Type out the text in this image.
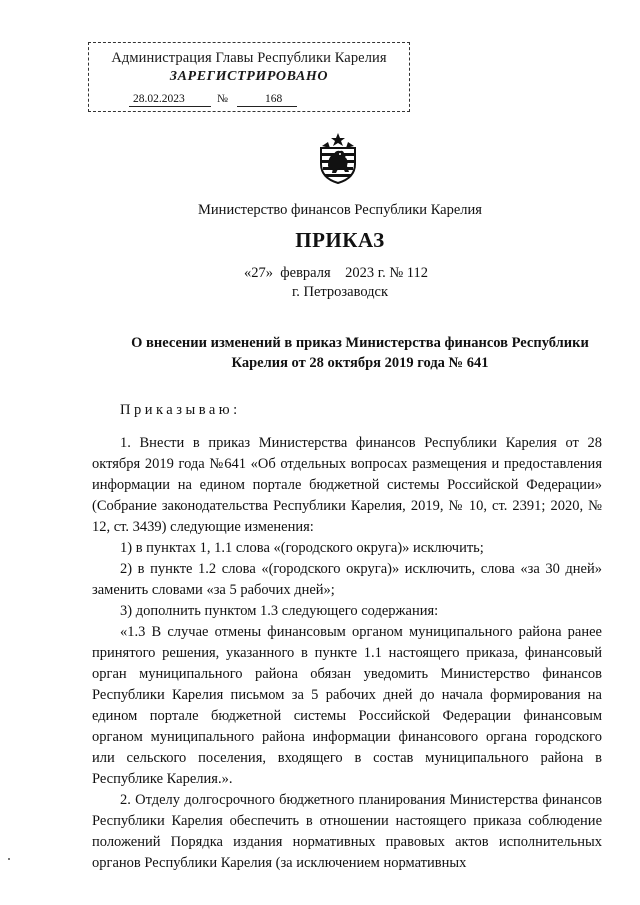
Администрация Главы Республики Карелия
ЗАРЕГИСТРИРОВАНО
28.02.2023	№	168
Министерство финансов Республики Карелия
ПРИКАЗ
«27»  февраля    2023 г. № 112
г. Петрозаводск
О внесении изменений в приказ Министерства финансов Республики Карелия от 28 октября 2019 года № 641

Приказываю:

1. Внести в приказ Министерства финансов Республики Карелия от 28 октября 2019 года №641 «Об отдельных вопросах размещения и предоставления информации на едином портале бюджетной системы Российской Федерации» (Собрание законодательства Республики Карелия, 2019, № 10, ст. 2391; 2020, № 12, ст. 3439) следующие изменения:

1) в пунктах 1, 1.1 слова «(городского округа)» исключить;

2) в пункте 1.2 слова «(городского округа)» исключить, слова «за 30 дней» заменить словами «за 5 рабочих дней»;

3) дополнить пунктом 1.3 следующего содержания:

«1.3 В случае отмены финансовым органом муниципального района ранее принятого решения, указанного в пункте 1.1 настоящего приказа, финансовый орган муниципального района обязан уведомить Министерство финансов Республики Карелия письмом за 5 рабочих дней до начала формирования на едином портале бюджетной системы Российской Федерации финансовым органом муниципального района информации финансового органа городского или сельского поселения, входящего в состав муниципального района в Республике Карелия.».

2. Отделу долгосрочного бюджетного планирования Министерства финансов Республики Карелия обеспечить в отношении настоящего приказа соблюдение положений Порядка издания нормативных правовых актов исполнительных органов Республики Карелия (за исключением нормативных
